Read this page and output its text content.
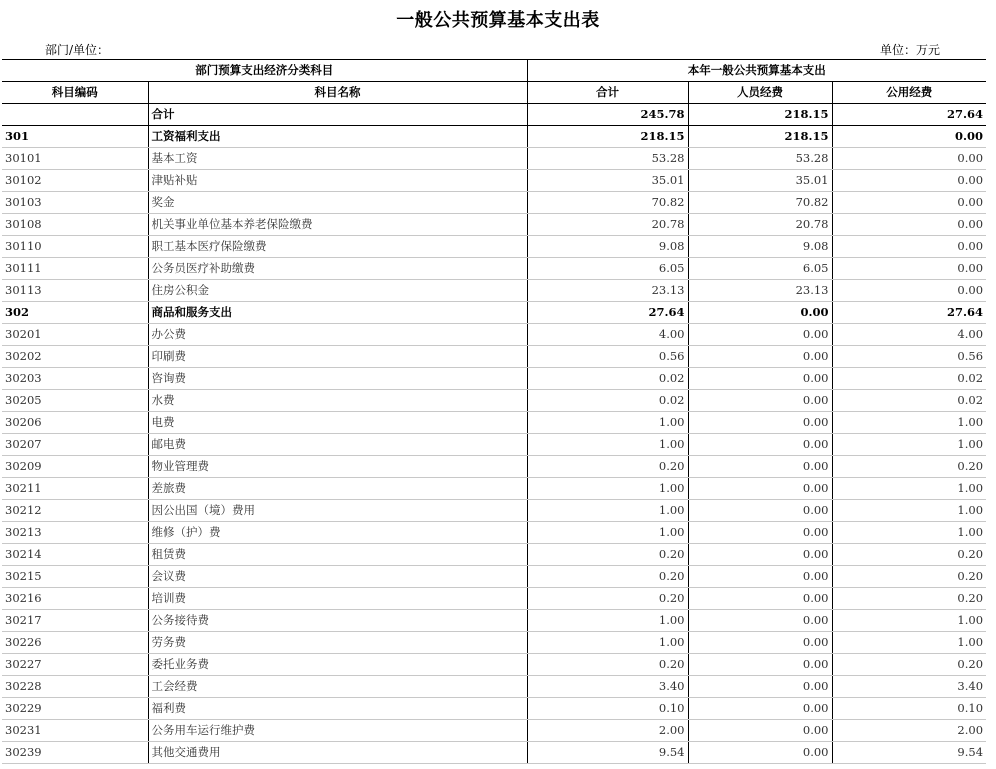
一般公共预算基本支出表
部门/单位：	单位：万元
部门预算支出经济分类科目		本年一般公共预算基本支出		
科目编码	科目名称	合计	人员经费	公用经费
	合计	245.78	218.15	27.64
301	工资福利支出	218.15	218.15	0.00
30101	基本工资	53.28	53.28	0.00
30102	津贴补贴	35.01	35.01	0.00
30103	奖金	70.82	70.82	0.00
30108	机关事业单位基本养老保险缴费	20.78	20.78	0.00
30110	职工基本医疗保险缴费	9.08	9.08	0.00
30111	公务员医疗补助缴费	6.05	6.05	0.00
30113	住房公积金	23.13	23.13	0.00
302	商品和服务支出	27.64	0.00	27.64
30201	办公费	4.00	0.00	4.00
30202	印刷费	0.56	0.00	0.56
30203	咨询费	0.02	0.00	0.02
30205	水费	0.02	0.00	0.02
30206	电费	1.00	0.00	1.00
30207	邮电费	1.00	0.00	1.00
30209	物业管理费	0.20	0.00	0.20
30211	差旅费	1.00	0.00	1.00
30212	因公出国（境）费用	1.00	0.00	1.00
30213	维修（护）费	1.00	0.00	1.00
30214	租赁费	0.20	0.00	0.20
30215	会议费	0.20	0.00	0.20
30216	培训费	0.20	0.00	0.20
30217	公务接待费	1.00	0.00	1.00
30226	劳务费	1.00	0.00	1.00
30227	委托业务费	0.20	0.00	0.20
30228	工会经费	3.40	0.00	3.40
30229	福利费	0.10	0.00	0.10
30231	公务用车运行维护费	2.00	0.00	2.00
30239	其他交通费用	9.54	0.00	9.54
